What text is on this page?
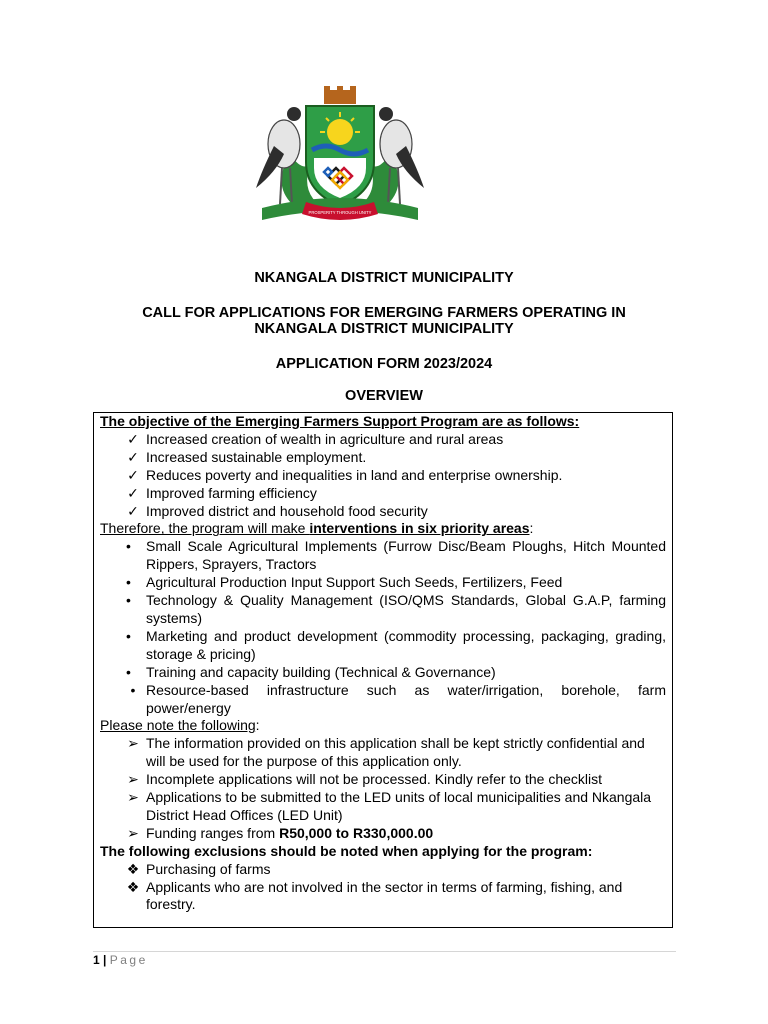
PROSPERITY THROUGH UNITY
NKANGALA DISTRICT MUNICIPALITY
CALL FOR APPLICATIONS FOR EMERGING FARMERS OPERATING IN
NKANGALA DISTRICT MUNICIPALITY
APPLICATION FORM 2023/2024
OVERVIEW
The objective of the Emerging Farmers Support Program are as follows:
✓ Increased creation of wealth in agriculture and rural areas
✓ Increased sustainable employment.
✓ Reduces poverty and inequalities in land and enterprise ownership.
✓ Improved farming efficiency
✓ Improved district and household food security
Therefore, the program will make interventions in six priority areas:
•	Small Scale Agricultural Implements (Furrow Disc/Beam Ploughs, Hitch Mounted Rippers, Sprayers, Tractors
•	Agricultural Production Input Support Such Seeds, Fertilizers, Feed
•	Technology & Quality Management (ISO/QMS Standards, Global G.A.P, farming systems)
•	Marketing and product development (commodity processing, packaging, grading, storage & pricing)
•	Training and capacity building (Technical & Governance)
• Resource-based infrastructure such as water/irrigation, borehole, farm
power/energy
Please note the following:
➢ The information provided on this application shall be kept strictly confidential and will be used for the purpose of this application only.
➢ Incomplete applications will not be processed. Kindly refer to the checklist
➢ Applications to be submitted to the LED units of local municipalities and Nkangala District Head Offices (LED Unit)
➢ Funding ranges from R50,000 to R330,000.00
The following exclusions should be noted when applying for the program:
❖ Purchasing of farms
❖ Applicants who are not involved in the sector in terms of farming, fishing, and forestry.
1 | Page
